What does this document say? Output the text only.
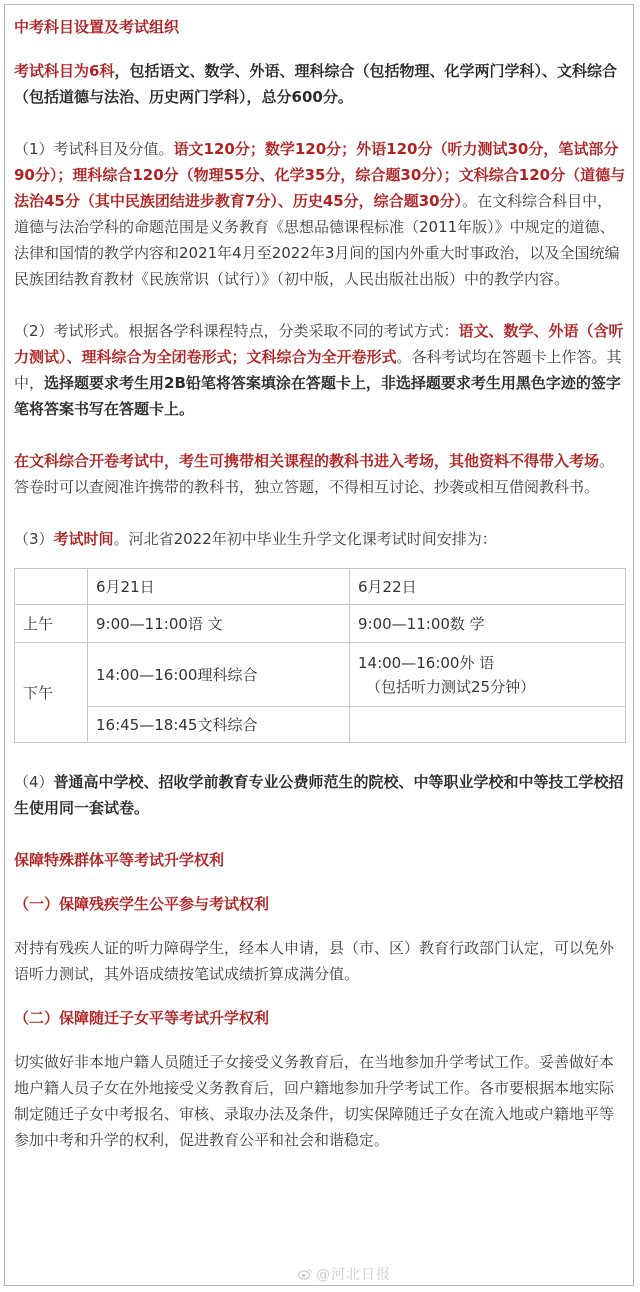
中考科目设置及考试组织

考试科目为6科，包括语文、数学、外语、理科综合（包括物理、化学两门学科）、文科综合（包括道德与法治、历史两门学科），总分600分。

（1）考试科目及分值。语文120分；数学120分；外语120分（听力测试30分，笔试部分90分）；理科综合120分（物理55分、化学35分，综合题30分）；文科综合120分（道德与法治45分（其中民族团结进步教育7分）、历史45分，综合题30分）。在文科综合科目中，道德与法治学科的命题范围是义务教育《思想品德课程标准（2011年版）》中规定的道德、法律和国情的教学内容和2021年4月至2022年3月间的国内外重大时事政治，以及全国统编民族团结教育教材《民族常识（试行）》（初中版，人民出版社出版）中的教学内容。

（2）考试形式。根据各学科课程特点，分类采取不同的考试方式：语文、数学、外语（含听力测试）、理科综合为全闭卷形式；文科综合为全开卷形式。各科考试均在答题卡上作答。其中，选择题要求考生用2B铅笔将答案填涂在答题卡上，非选择题要求考生用黑色字迹的签字笔将答案书写在答题卡上。

在文科综合开卷考试中，考生可携带相关课程的教科书进入考场，其他资料不得带入考场。答卷时可以查阅准许携带的教科书，独立答题，不得相互讨论、抄袭或相互借阅教科书。

（3）考试时间。河北省2022年初中毕业生升学文化课考试时间安排为：

	6月21日	6月22日
上午	9:00—11:00语 文	9:00—11:00数 学
下午	14:00—16:00理科综合	14:00—16:00外 语
（包括听力测试25分钟）

	16:45—18:45文科综合	

（4）普通高中学校、招收学前教育专业公费师范生的院校、中等职业学校和中等技工学校招生使用同一套试卷。

保障特殊群体平等考试升学权利
（一）保障残疾学生公平参与考试权利

对持有残疾人证的听力障碍学生，经本人申请，县（市、区）教育行政部门认定，可以免外语听力测试，其外语成绩按笔试成绩折算成满分值。

（二）保障随迁子女平等考试升学权利

切实做好非本地户籍人员随迁子女接受义务教育后，在当地参加升学考试工作。妥善做好本地户籍人员子女在外地接受义务教育后，回户籍地参加升学考试工作。各市要根据本地实际制定随迁子女中考报名、审核、录取办法及条件，切实保障随迁子女在流入地或户籍地平等参加中考和升学的权利，促进教育公平和社会和谐稳定。

@河北日报
